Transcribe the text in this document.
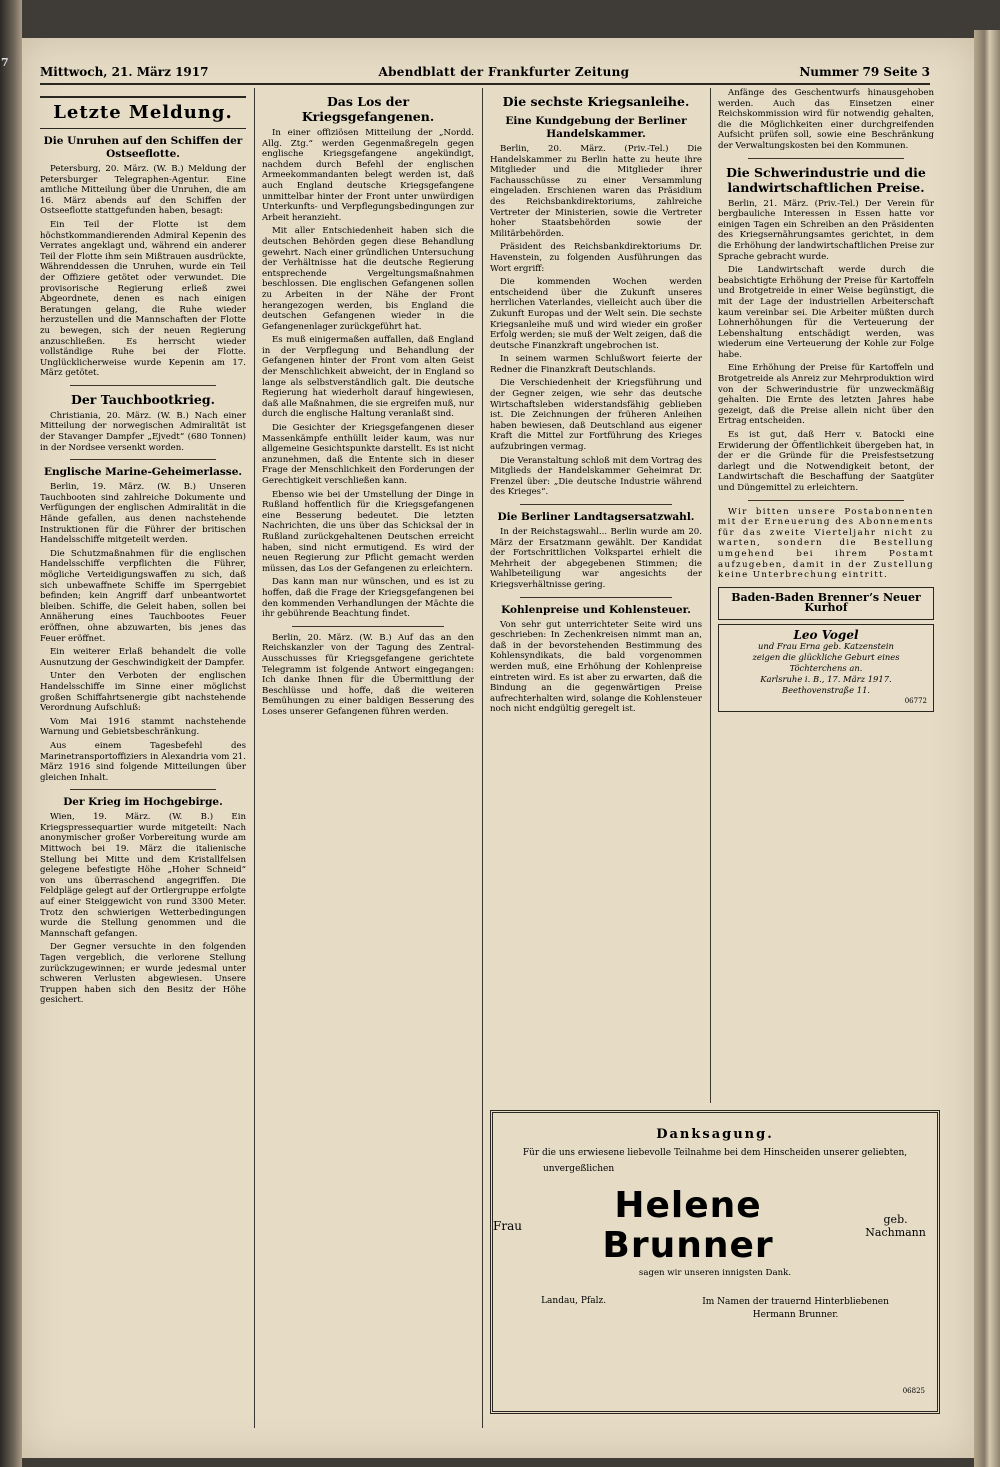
7
Mittwoch, 21. März 1917	Abendblatt der Frankfurter Zeitung	Nummer 79 Seite 3
Letzte Meldung.
Die Unruhen auf den Schiffen der Ostseeflotte.

Petersburg, 20. März. (W. B.) Meldung der Petersburger Telegraphen-Agentur. Eine amtliche Mitteilung über die Unruhen, die am 16. März abends auf den Schiffen der Ostseeflotte stattgefunden haben, besagt:

Ein Teil der Flotte ist dem höchstkommandierenden Admiral Kepenin des Verrates angeklagt und, während ein anderer Teil der Flotte ihm sein Mißtrauen ausdrückte, Währenddessen die Unruhen, wurde ein Teil der Offiziere getötet oder verwundet. Die provisorische Regierung erließ zwei Abgeordnete, denen es nach einigen Beratungen gelang, die Ruhe wieder herzustellen und die Mannschaften der Flotte zu bewegen, sich der neuen Regierung anzuschließen. Es herrscht wieder vollständige Ruhe bei der Flotte. Unglücklicherweise wurde Kepenin am 17. März getötet.

Der Tauchbootkrieg.

Christiania, 20. März. (W. B.) Nach einer Mitteilung der norwegischen Admiralität ist der Stavanger Dampfer „Ejvedt“ (680 Tonnen) in der Nordsee versenkt worden.

Englische Marine-Geheimerlasse.

Berlin, 19. März. (W. B.) Unseren Tauchbooten sind zahlreiche Dokumente und Verfügungen der englischen Admiralität in die Hände gefallen, aus denen nachstehende Instruktionen für die Führer der britischen Handelsschiffe mitgeteilt werden.

Die Schutzmaßnahmen für die englischen Handelsschiffe verpflichten die Führer, mögliche Verteidigungswaffen zu sich, daß sich unbewaffnete Schiffe im Sperrgebiet befinden; kein Angriff darf unbeantwortet bleiben. Schiffe, die Geleit haben, sollen bei Annäherung eines Tauchbootes Feuer eröffnen, ohne abzuwarten, bis jenes das Feuer eröffnet.

Ein weiterer Erlaß behandelt die volle Ausnutzung der Geschwindigkeit der Dampfer.

Unter den Verboten der englischen Handelsschiffe im Sinne einer möglichst großen Schiffahrtsenergie gibt nachstehende Verordnung Aufschluß:

Vom Mai 1916 stammt nachstehende Warnung und Gebietsbeschränkung.

Aus einem Tagesbefehl des Marinetransportoffiziers in Alexandria vom 21. März 1916 sind folgende Mitteilungen über gleichen Inhalt.

Der Krieg im Hochgebirge.

Wien, 19. März. (W. B.) Ein Kriegspressequartier wurde mitgeteilt: Nach anonymischer großer Vorbereitung wurde am Mittwoch bei 19. März die italienische Stellung bei Mitte und dem Kristallfelsen gelegene befestigte Höhe „Hoher Schneid“ von uns überraschend angegriffen. Die Feldpläge gelegt auf der Ortlergruppe erfolgte auf einer Steiggewicht von rund 3300 Meter. Trotz den schwierigen Wetterbedingungen wurde die Stellung genommen und die Mannschaft gefangen.

Der Gegner versuchte in den folgenden Tagen vergeblich, die verlorene Stellung zurückzugewinnen; er wurde jedesmal unter schweren Verlusten abgewiesen. Unsere Truppen haben sich den Besitz der Höhe gesichert.

Das Los der Kriegsgefangenen.

In einer offiziösen Mitteilung der „Nordd. Allg. Ztg.“ werden Gegenmaßregeln gegen englische Kriegsgefangene angekündigt, nachdem durch Befehl der englischen Armeekommandanten belegt werden ist, daß auch England deutsche Kriegsgefangene unmittelbar hinter der Front unter unwürdigen Unterkunfts- und Verpflegungsbedingungen zur Arbeit heranzieht.

Mit aller Entschiedenheit haben sich die deutschen Behörden gegen diese Behandlung gewehrt. Nach einer gründlichen Untersuchung der Verhältnisse hat die deutsche Regierung entsprechende Vergeltungsmaßnahmen beschlossen. Die englischen Gefangenen sollen zu Arbeiten in der Nähe der Front herangezogen werden, bis England die deutschen Gefangenen wieder in die Gefangenenlager zurückgeführt hat.

Es muß einigermaßen auffallen, daß England in der Verpflegung und Behandlung der Gefangenen hinter der Front vom alten Geist der Menschlichkeit abweicht, der in England so lange als selbstverständlich galt. Die deutsche Regierung hat wiederholt darauf hingewiesen, daß alle Maßnahmen, die sie ergreifen muß, nur durch die englische Haltung veranlaßt sind.

Die Gesichter der Kriegsgefangenen dieser Massenkämpfe enthüllt leider kaum, was nur allgemeine Gesichtspunkte darstellt. Es ist nicht anzunehmen, daß die Entente sich in dieser Frage der Menschlichkeit den Forderungen der Gerechtigkeit verschließen kann.

Ebenso wie bei der Umstellung der Dinge in Rußland hoffentlich für die Kriegsgefangenen eine Besserung bedeutet. Die letzten Nachrichten, die uns über das Schicksal der in Rußland zurückgehaltenen Deutschen erreicht haben, sind nicht ermutigend. Es wird der neuen Regierung zur Pflicht gemacht werden müssen, das Los der Gefangenen zu erleichtern.

Das kann man nur wünschen, und es ist zu hoffen, daß die Frage der Kriegsgefangenen bei den kommenden Verhandlungen der Mächte die ihr gebührende Beachtung findet.

Berlin, 20. März. (W. B.) Auf das an den Reichskanzler von der Tagung des Zentral-Ausschusses für Kriegsgefangene gerichtete Telegramm ist folgende Antwort eingegangen: Ich danke Ihnen für die Übermittlung der Beschlüsse und hoffe, daß die weiteren Bemühungen zu einer baldigen Besserung des Loses unserer Gefangenen führen werden.

Die sechste Kriegsanleihe.
Eine Kundgebung der Berliner Handelskammer.

Berlin, 20. März. (Priv.-Tel.) Die Handelskammer zu Berlin hatte zu heute ihre Mitglieder und die Mitglieder ihrer Fachausschüsse zu einer Versammlung eingeladen. Erschienen waren das Präsidium des Reichsbankdirektoriums, zahlreiche Vertreter der Ministerien, sowie die Vertreter hoher Staatsbehörden sowie der Militärbehörden.

Präsident des Reichsbankdirektoriums Dr. Havenstein, zu folgenden Ausführungen das Wort ergriff:

Die kommenden Wochen werden entscheidend über die Zukunft unseres herrlichen Vaterlandes, vielleicht auch über die Zukunft Europas und der Welt sein. Die sechste Kriegsanleihe muß und wird wieder ein großer Erfolg werden; sie muß der Welt zeigen, daß die deutsche Finanzkraft ungebrochen ist.

In seinem warmen Schlußwort feierte der Redner die Finanzkraft Deutschlands.

Die Verschiedenheit der Kriegsführung und der Gegner zeigen, wie sehr das deutsche Wirtschaftsleben widerstandsfähig geblieben ist. Die Zeichnungen der früheren Anleihen haben bewiesen, daß Deutschland aus eigener Kraft die Mittel zur Fortführung des Krieges aufzubringen vermag.

Die Veranstaltung schloß mit dem Vortrag des Mitglieds der Handelskammer Geheimrat Dr. Frenzel über: „Die deutsche Industrie während des Krieges“.

Die Berliner Landtagsersatzwahl.

In der Reichstagswahl... Berlin wurde am 20. März der Ersatzmann gewählt. Der Kandidat der Fortschrittlichen Volkspartei erhielt die Mehrheit der abgegebenen Stimmen; die Wahlbeteiligung war angesichts der Kriegsverhältnisse gering.

Kohlenpreise und Kohlensteuer.

Von sehr gut unterrichteter Seite wird uns geschrieben: In Zechenkreisen nimmt man an, daß in der bevorstehenden Bestimmung des Kohlensyndikats, die bald vorgenommen werden muß, eine Erhöhung der Kohlenpreise eintreten wird. Es ist aber zu erwarten, daß die Bindung an die gegenwärtigen Preise aufrechterhalten wird, solange die Kohlensteuer noch nicht endgültig geregelt ist.

Anfänge des Geschentwurfs hinausgehoben werden. Auch das Einsetzen einer Reichskommission wird für notwendig gehalten, die die Möglichkeiten einer durchgreifenden Aufsicht prüfen soll, sowie eine Beschränkung der Verwaltungskosten bei den Kommunen.

Die Schwerindustrie und die landwirtschaftlichen Preise.

Berlin, 21. März. (Priv.-Tel.) Der Verein für bergbauliche Interessen in Essen hatte vor einigen Tagen ein Schreiben an den Präsidenten des Kriegsernährungsamtes gerichtet, in dem die Erhöhung der landwirtschaftlichen Preise zur Sprache gebracht wurde.

Die Landwirtschaft werde durch die beabsichtigte Erhöhung der Preise für Kartoffeln und Brotgetreide in einer Weise begünstigt, die mit der Lage der industriellen Arbeiterschaft kaum vereinbar sei. Die Arbeiter müßten durch Lohnerhöhungen für die Verteuerung der Lebenshaltung entschädigt werden, was wiederum eine Verteuerung der Kohle zur Folge habe.

Eine Erhöhung der Preise für Kartoffeln und Brotgetreide als Anreiz zur Mehrproduktion wird von der Schwerindustrie für unzweckmäßig gehalten. Die Ernte des letzten Jahres habe gezeigt, daß die Preise allein nicht über den Ertrag entscheiden.

Es ist gut, daß Herr v. Batocki eine Erwiderung der Öffentlichkeit übergeben hat, in der er die Gründe für die Preisfestsetzung darlegt und die Notwendigkeit betont, der Landwirtschaft die Beschaffung der Saatgüter und Düngemittel zu erleichtern.

Wir bitten unsere Postabonnenten mit der Erneuerung des Abonnements für das zweite Vierteljahr nicht zu warten, sondern die Bestellung umgehend bei ihrem Postamt aufzugeben, damit in der Zustellung keine Unterbrechung eintritt.

Baden-Baden Brenner’s Neuer Kurhof
Leo Vogel
und Frau Erna geb. Katzenstein
zeigen die glückliche Geburt eines Töchterchens an.
Karlsruhe i. B., 17. März 1917.
Beethovenstraße 11.
06772
Danksagung.
Für die uns erwiesene liebevolle Teilnahme bei dem Hinscheiden unserer geliebten,
unvergeßlichen
Frau	Helene Brunner
geb. Nachmann
sagen wir unseren innigsten Dank.
Landau, Pfalz.	Im Namen der trauernd Hinterbliebenen
Hermann Brunner.
06825
